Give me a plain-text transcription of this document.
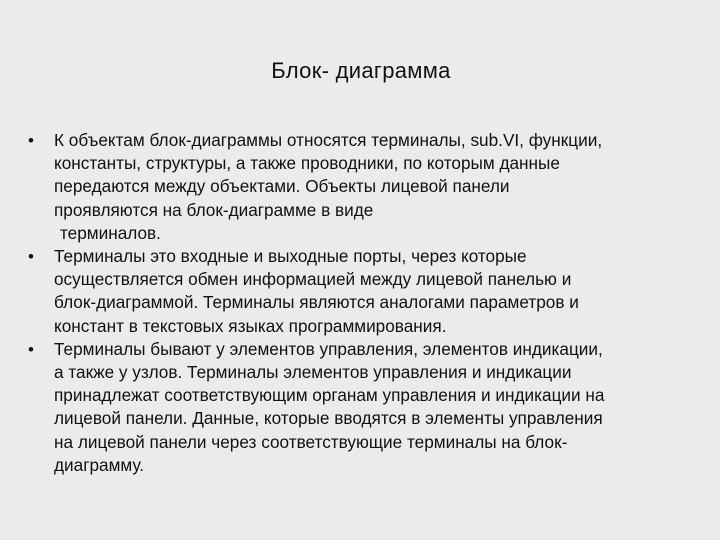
Блок- диаграмма
•	К объектам блок-диаграммы относятся терминалы, sub.VI, функции,
константы, структуры, а также проводники, по которым данные
передаются между объектами. Объекты лицевой панели
проявляются на блок-диаграмме в виде
терминалов.
•	Терминалы это входные и выходные порты, через которые
осуществляется обмен информацией между лицевой панелью и
блок-диаграммой. Терминалы являются аналогами параметров и
констант в текстовых языках программирования.
•	Терминалы бывают у элементов управления, элементов индикации,
а также у узлов. Терминалы элементов управления и индикации
принадлежат соответствующим органам управления и индикации на
лицевой панели. Данные, которые вводятся в элементы управления
на лицевой панели через соответствующие терминалы на блок-
диаграмму.
